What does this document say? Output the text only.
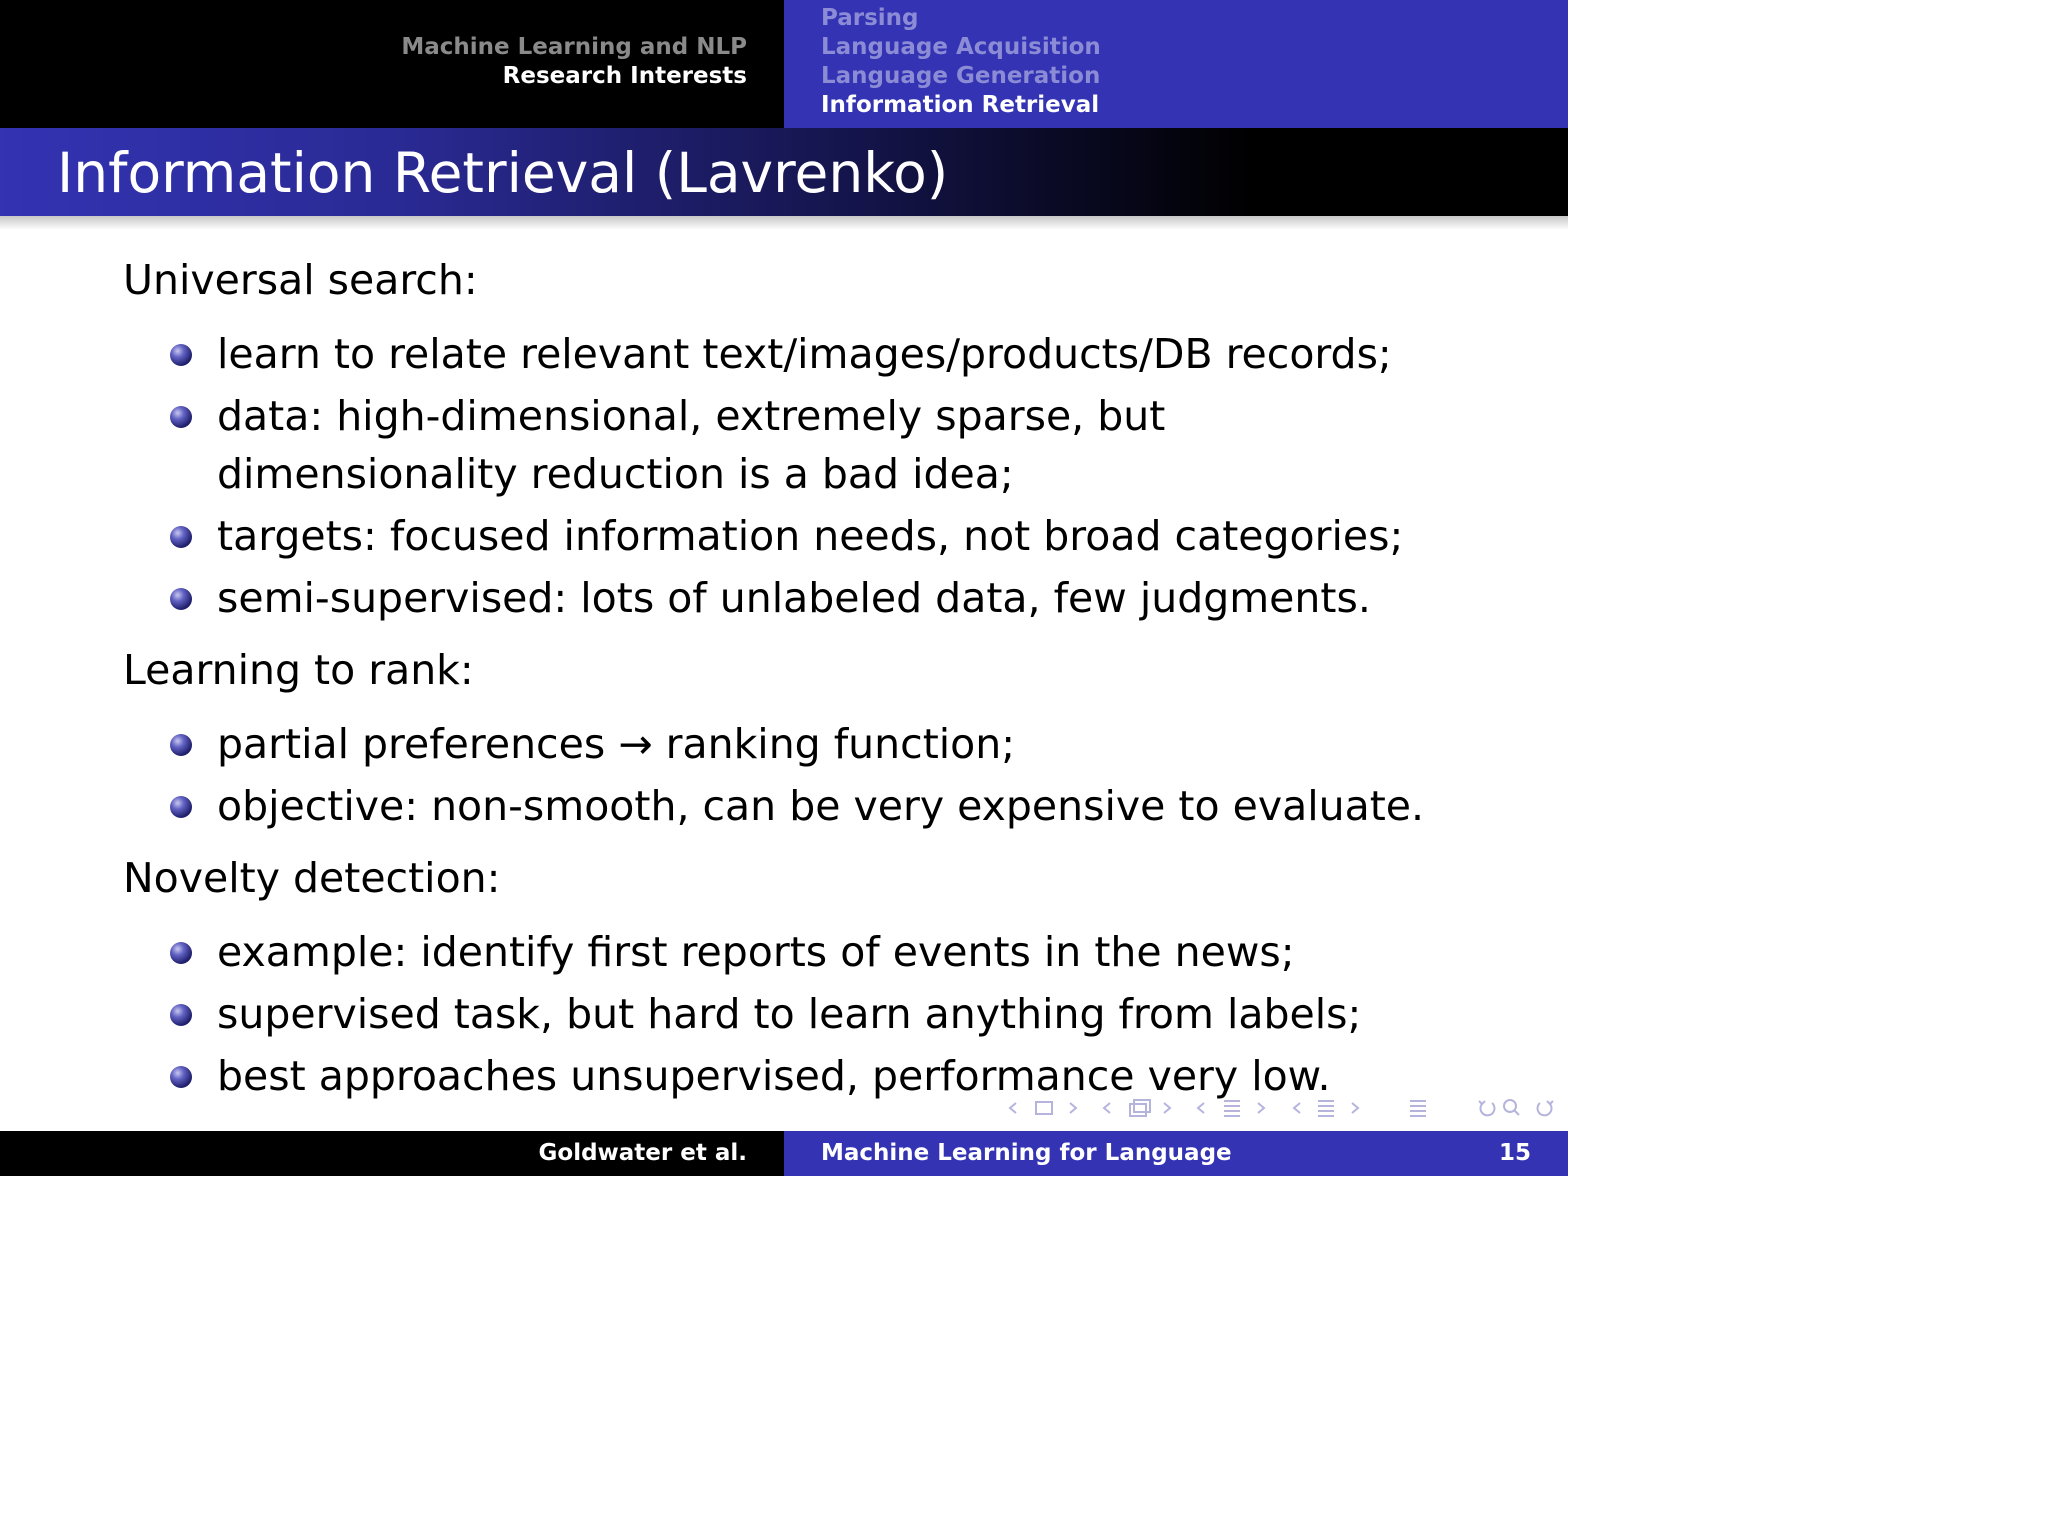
Machine Learning and NLP
Research Interests
Parsing
Language Acquisition
Language Generation
Information Retrieval
Information Retrieval (Lavrenko)
Universal search:
learn to relate relevant text/images/products/DB records;
data: high-dimensional, extremely sparse, but dimensionality reduction is a bad idea;
targets: focused information needs, not broad categories;
semi-supervised: lots of unlabeled data, few judgments.
Learning to rank:
partial preferences → ranking function;
objective: non-smooth, can be very expensive to evaluate.
Novelty detection:
example: identify first reports of events in the news;
supervised task, but hard to learn anything from labels;
best approaches unsupervised, performance very low.
Goldwater et al.	Machine Learning for Language	15
